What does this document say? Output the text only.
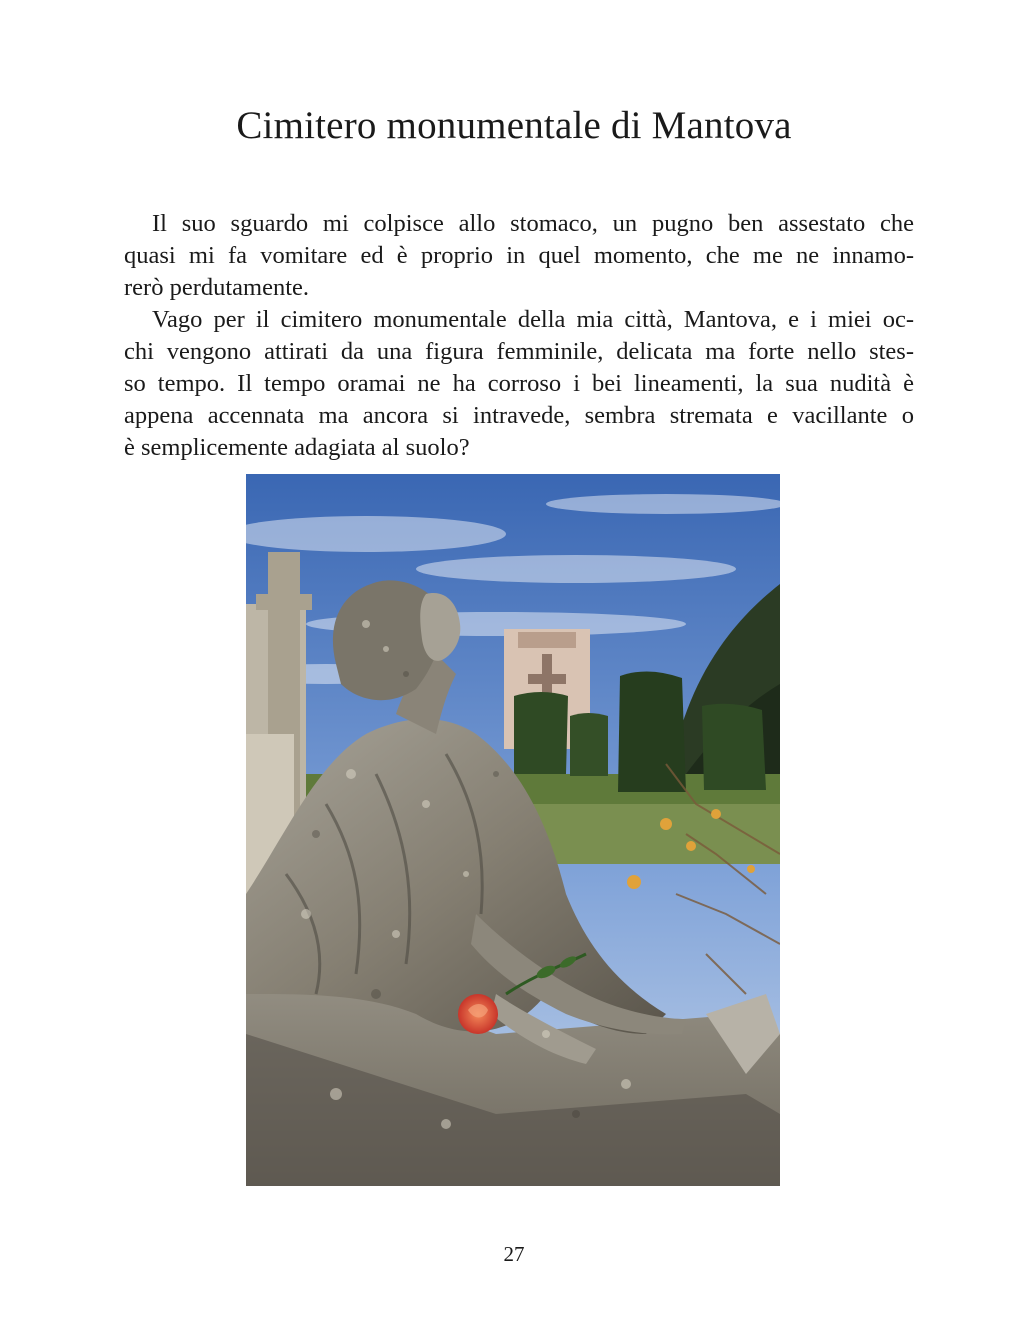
Cimitero monumentale di Mantova
Il suo sguardo mi colpisce allo stomaco, un pugno ben assestato che
quasi mi fa vomitare ed è proprio in quel momento, che me ne innamo-
rerò perdutamente.
Vago per il cimitero monumentale della mia città, Mantova, e i miei oc-
chi vengono attirati da una figura femminile, delicata ma forte nello stes-
so tempo. Il tempo oramai ne ha corroso i bei lineamenti, la sua nudità è
appena accennata ma ancora si intravede, sembra stremata e vacillante o
è semplicemente adagiata al suolo?
27
